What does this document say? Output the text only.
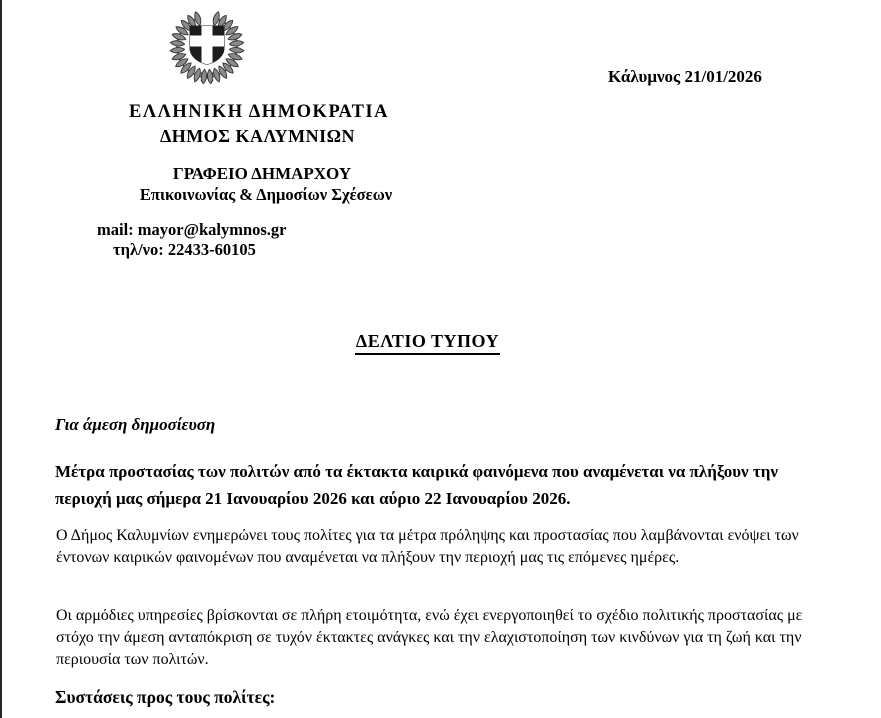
Κάλυμνος 21/01/2026
ΕΛΛΗΝΙΚΗ ΔΗΜΟΚΡΑΤΙΑ
ΔΗΜΟΣ ΚΑΛΥΜΝΙΩΝ
ΓΡΑΦΕΙΟ ΔΗΜΑΡΧΟΥ
Επικοινωνίας & Δημοσίων Σχέσεων
mail: mayor@kalymnos.gr
τηλ/νο: 22433-60105
ΔΕΛΤΙΟ ΤΥΠΟΥ
Για άμεση δημοσίευση
Μέτρα προστασίας των πολιτών από τα έκτακτα καιρικά φαινόμενα που αναμένεται να πλήξουν την περιοχή μας σήμερα 21 Ιανουαρίου 2026 και αύριο 22 Ιανουαρίου 2026.
Ο Δήμος Καλυμνίων ενημερώνει τους πολίτες για τα μέτρα πρόληψης και προστασίας που λαμβάνονται ενόψει των έντονων καιρικών φαινομένων που αναμένεται να πλήξουν την περιοχή μας τις επόμενες ημέρες.
Οι αρμόδιες υπηρεσίες βρίσκονται σε πλήρη ετοιμότητα, ενώ έχει ενεργοποιηθεί το σχέδιο πολιτικής προστασίας με στόχο την άμεση ανταπόκριση σε τυχόν έκτακτες ανάγκες και την ελαχιστοποίηση των κινδύνων για τη ζωή και την περιουσία των πολιτών.
Συστάσεις προς τους πολίτες:
